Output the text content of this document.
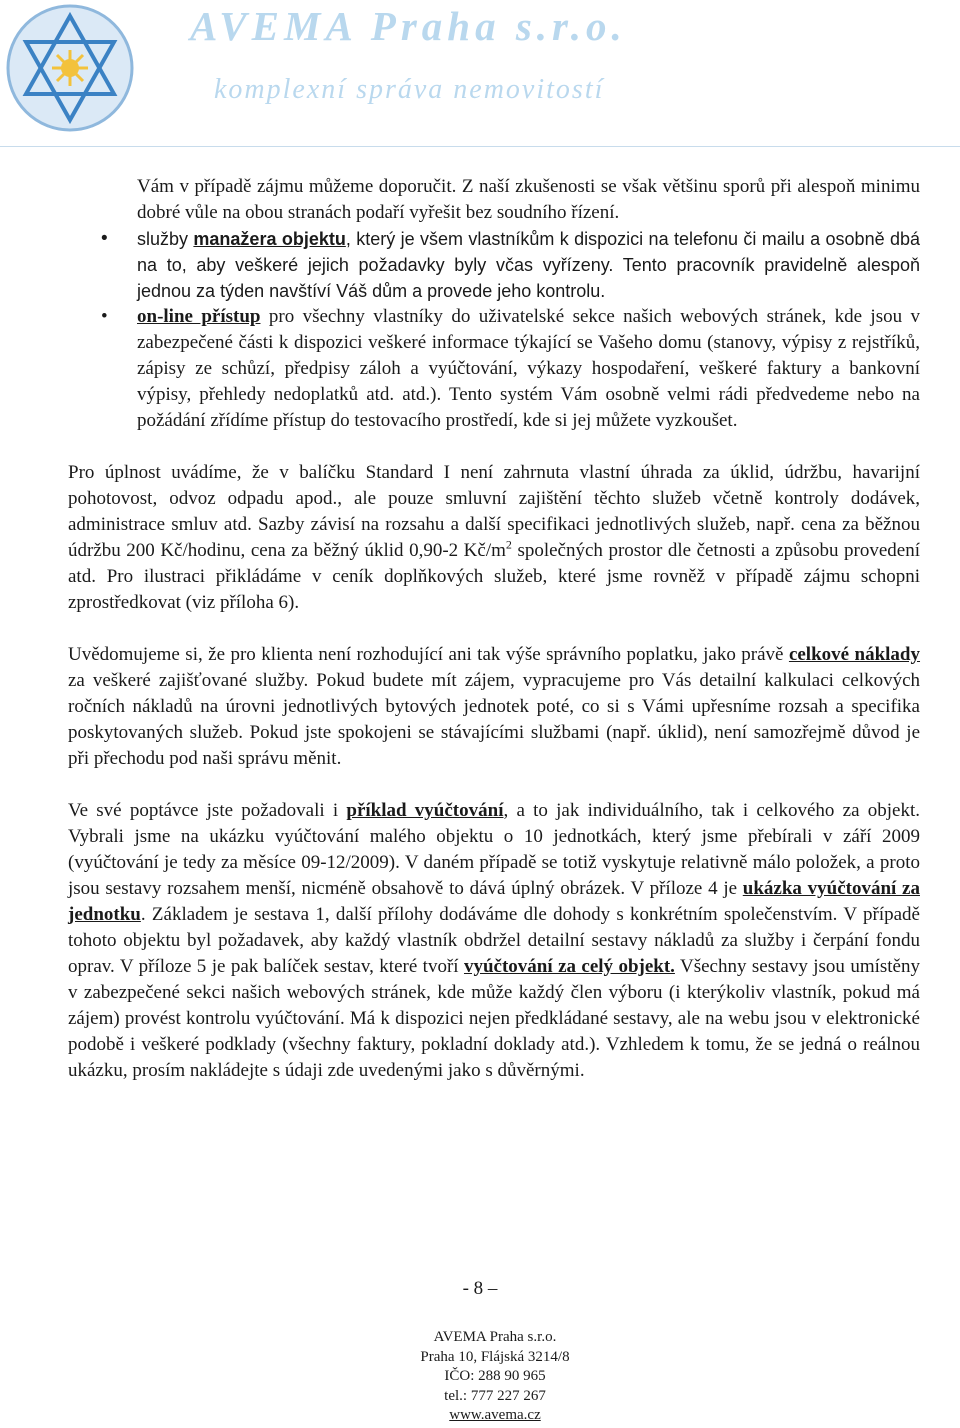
AVEMA Praha s.r.o.
komplexní správa nemovitostí
Vám v případě zájmu můžeme doporučit. Z naší zkušenosti se však většinu sporů při alespoň minimu dobré vůle na obou stranách podaří vyřešit bez soudního řízení.
• služby manažera objektu, který je všem vlastníkům k dispozici na telefonu či mailu a osobně dbá na to, aby veškeré jejich požadavky byly včas vyřízeny. Tento pracovník pravidelně alespoň jednou za týden navštíví Váš dům a provede jeho kontrolu.
• on-line přístup pro všechny vlastníky do uživatelské sekce našich webových stránek, kde jsou v zabezpečené části k dispozici veškeré informace týkající se Vašeho domu (stanovy, výpisy z rejstříků, zápisy ze schůzí, předpisy záloh a vyúčtování, výkazy hospodaření, veškeré faktury a bankovní výpisy, přehledy nedoplatků atd. atd.). Tento systém Vám osobně velmi rádi předvedeme nebo na požádání zřídíme přístup do testovacího prostředí, kde si jej můžete vyzkoušet.

Pro úplnost uvádíme, že v balíčku Standard I není zahrnuta vlastní úhrada za úklid, údržbu, havarijní pohotovost, odvoz odpadu apod., ale pouze smluvní zajištění těchto služeb včetně kontroly dodávek, administrace smluv atd. Sazby závisí na rozsahu a další specifikaci jednotlivých služeb, např. cena za běžnou údržbu 200 Kč/hodinu, cena za běžný úklid 0,90-2 $Kč/m^2$ společných prostor dle četnosti a způsobu provedení atd. Pro ilustraci přikládáme v ceník doplňkových služeb, které jsme rovněž v případě zájmu schopni zprostředkovat (viz příloha 6).

Uvědomujeme si, že pro klienta není rozhodující ani tak výše správního poplatku, jako právě celkové náklady za veškeré zajišťované služby. Pokud budete mít zájem, vypracujeme pro Vás detailní kalkulaci celkových ročních nákladů na úrovni jednotlivých bytových jednotek poté, co si s Vámi upřesníme rozsah a specifika poskytovaných služeb. Pokud jste spokojeni se stávajícími službami (např. úklid), není samozřejmě důvod je při přechodu pod naši správu měnit.

Ve své poptávce jste požadovali i příklad vyúčtování, a to jak individuálního, tak i celkového za objekt. Vybrali jsme na ukázku vyúčtování malého objektu o 10 jednotkách, který jsme přebírali v září 2009 (vyúčtování je tedy za měsíce 09-12/2009). V daném případě se totiž vyskytuje relativně málo položek, a proto jsou sestavy rozsahem menší, nicméně obsahově to dává úplný obrázek. V příloze 4 je ukázka vyúčtování za jednotku. Základem je sestava 1, další přílohy dodáváme dle dohody s konkrétním společenstvím. V případě tohoto objektu byl požadavek, aby každý vlastník obdržel detailní sestavy nákladů za služby i čerpání fondu oprav. V příloze 5 je pak balíček sestav, které tvoří vyúčtování za celý objekt. Všechny sestavy jsou umístěny v zabezpečené sekci našich webových stránek, kde může každý člen výboru (i kterýkoliv vlastník, pokud má zájem) provést kontrolu vyúčtování. Má k dispozici nejen předkládané sestavy, ale na webu jsou v elektronické podobě i veškeré podklady (všechny faktury, pokladní doklady atd.). Vzhledem k tomu, že se jedná o reálnou ukázku, prosím nakládejte s údaji zde uvedenými jako s důvěrnými.

- 8 –
AVEMA Praha s.r.o.
Praha 10, Flájská 3214/8
IČO: 288 90 965
tel.: 777 227 267
www.avema.cz
